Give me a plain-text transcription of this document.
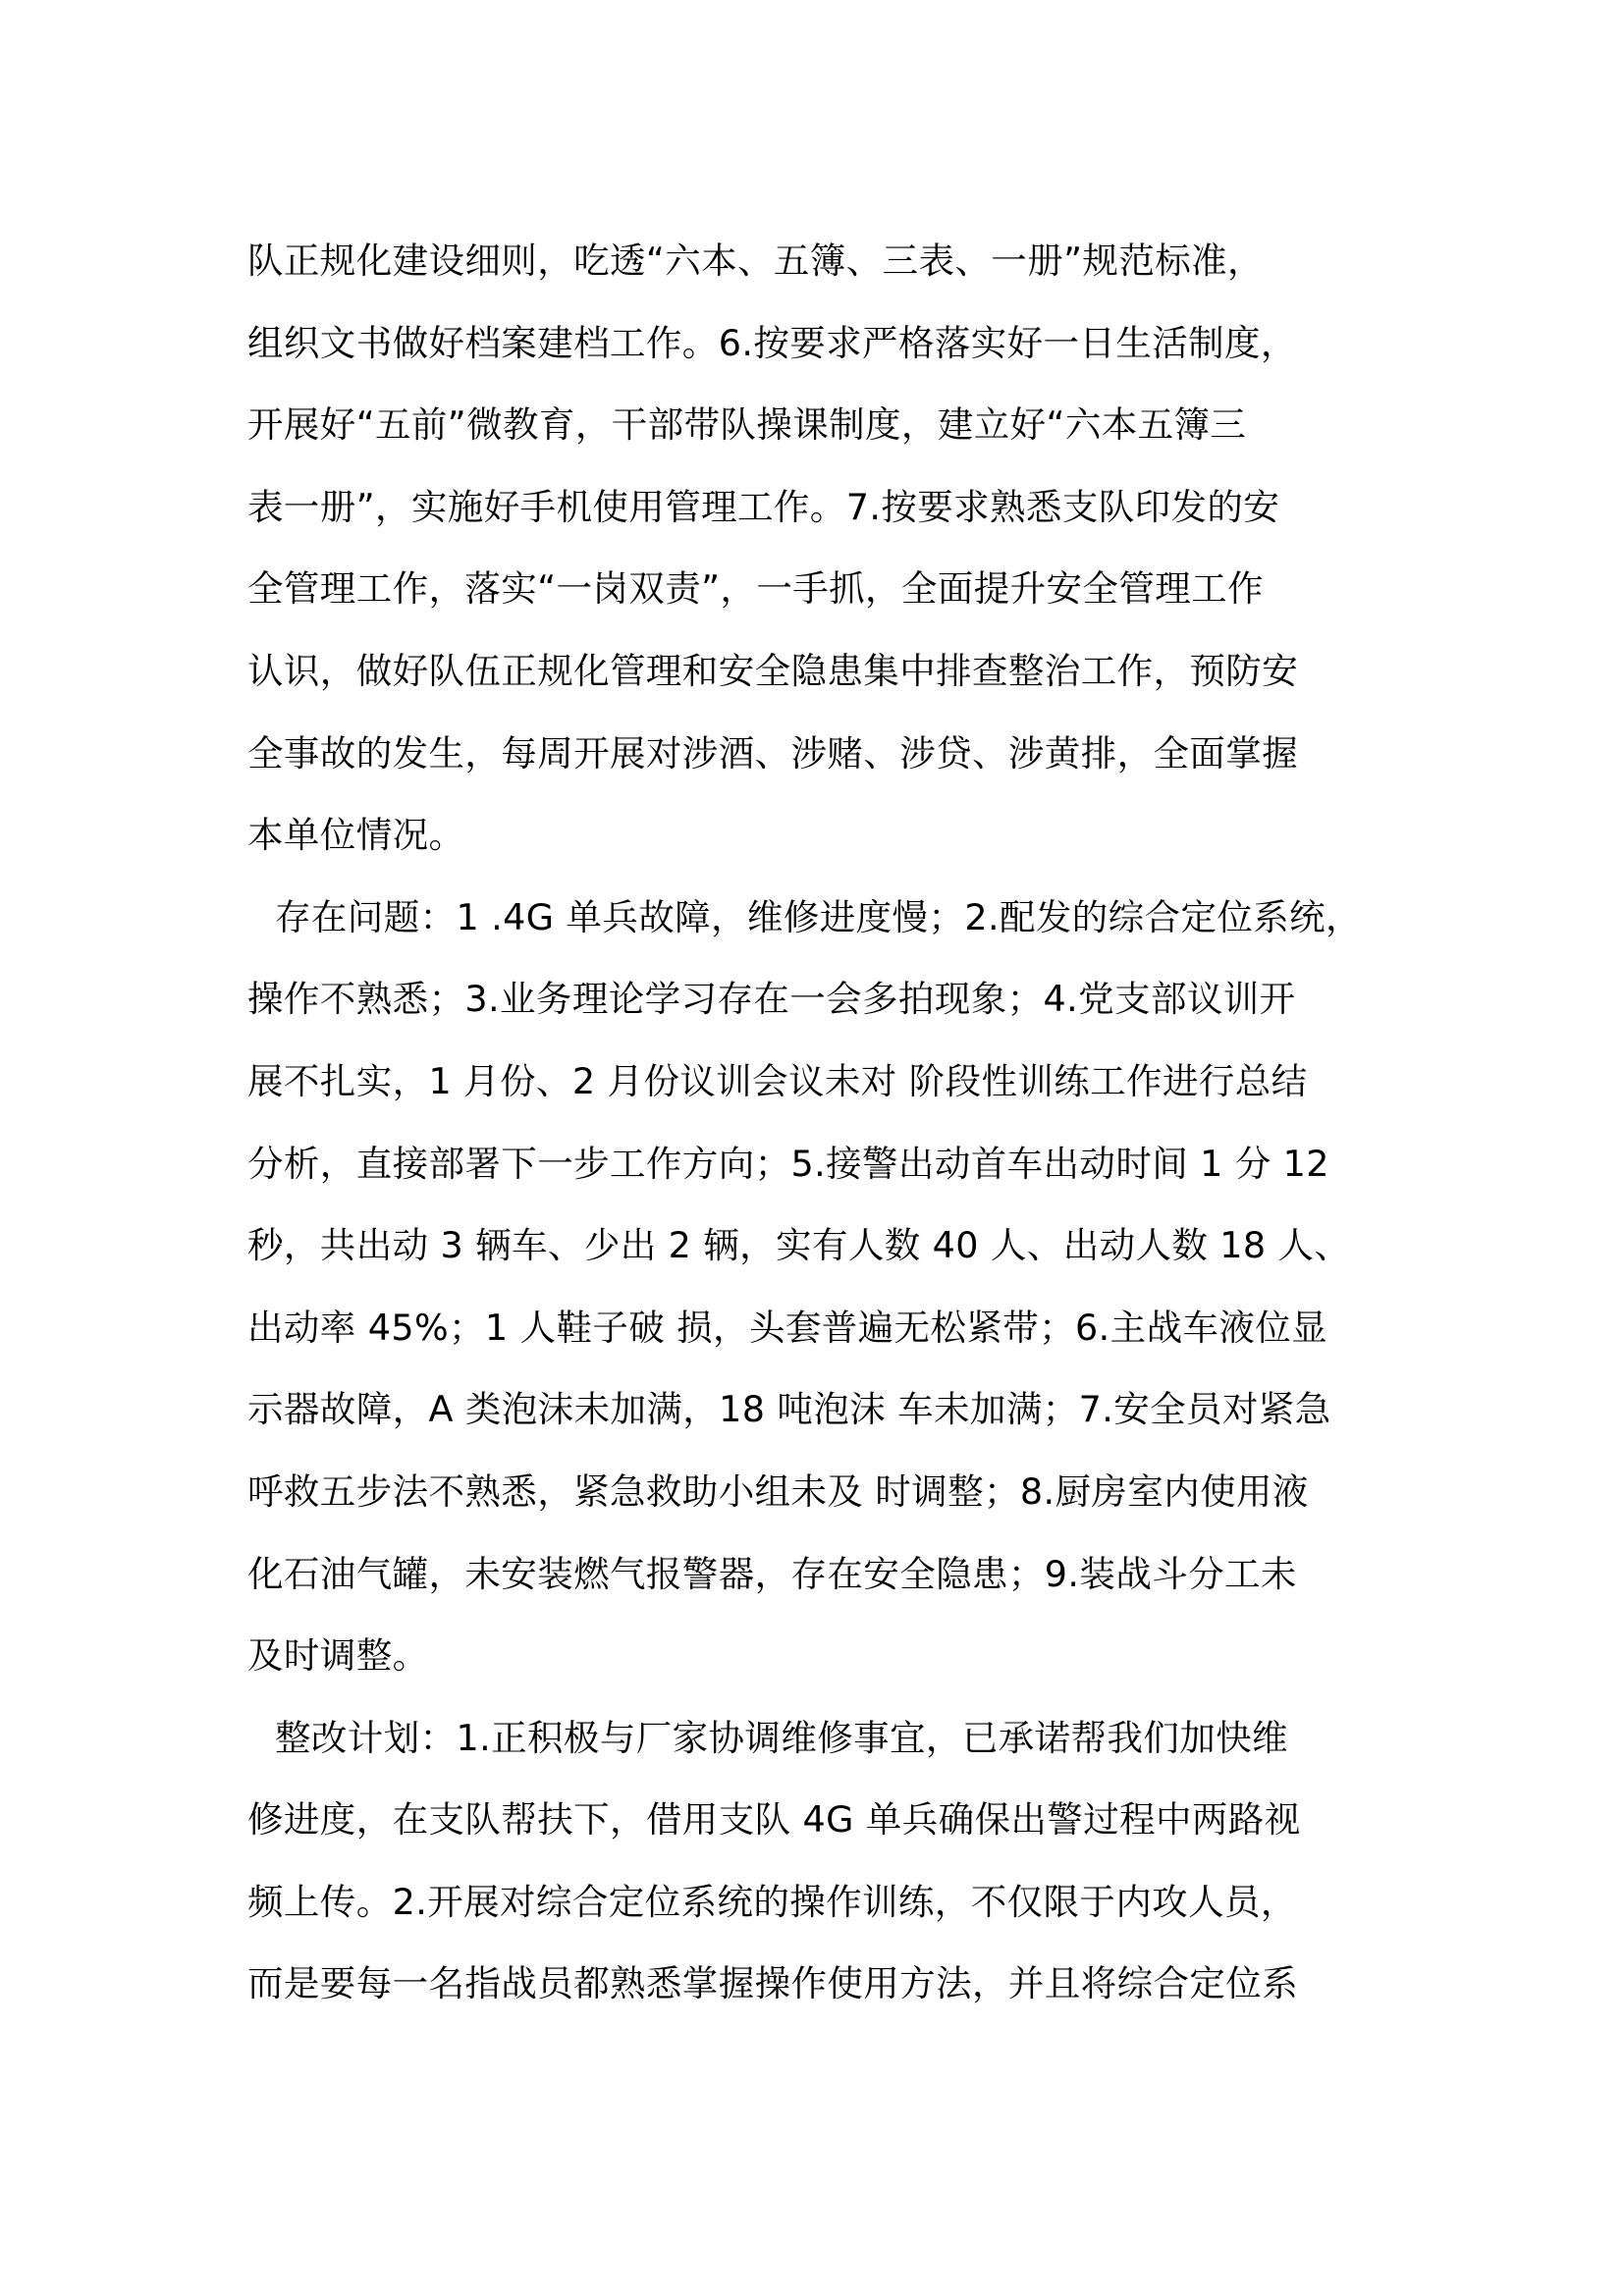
队正规化建设细则，吃透“六本、五簿、三表、一册”规范标准，
组织文书做好档案建档工作。6.按要求严格落实好一日生活制度，
开展好“五前”微教育，干部带队操课制度，建立好“六本五簿三
表一册”，实施好手机使用管理工作。7.按要求熟悉支队印发的安
全管理工作，落实“一岗双责”，一手抓，全面提升安全管理工作
认识，做好队伍正规化管理和安全隐患集中排查整治工作，预防安
全事故的发生，每周开展对涉酒、涉赌、涉贷、涉黄排，全面掌握
本单位情况。
存在问题：1 .4G 单兵故障，维修进度慢；2.配发的综合定位系统，
操作不熟悉；3.业务理论学习存在一会多拍现象；4.党支部议训开
展不扎实，1 月份、2 月份议训会议未对 阶段性训练工作进行总结
分析，直接部署下一步工作方向；5.接警出动首车出动时间 1 分 12
秒，共出动 3 辆车、少出 2 辆，实有人数 40 人、出动人数 18 人、
出动率 45%；1 人鞋子破 损，头套普遍无松紧带；6.主战车液位显
示器故障，A 类泡沫未加满，18 吨泡沫 车未加满；7.安全员对紧急
呼救五步法不熟悉，紧急救助小组未及 时调整；8.厨房室内使用液
化石油气罐，未安装燃气报警器，存在安全隐患；9.装战斗分工未
及时调整。
整改计划：1.正积极与厂家协调维修事宜，已承诺帮我们加快维
修进度，在支队帮扶下，借用支队 4G 单兵确保出警过程中两路视
频上传。2.开展对综合定位系统的操作训练，不仅限于内攻人员，
而是要每一名指战员都熟悉掌握操作使用方法，并且将综合定位系
